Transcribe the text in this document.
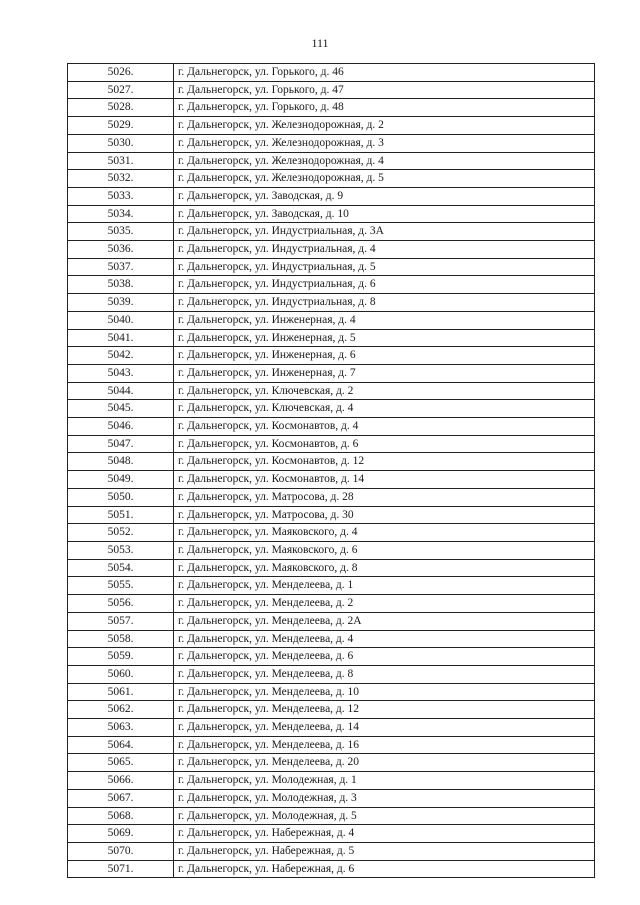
111
5026.	г. Дальнегорск, ул. Горького, д. 46
5027.	г. Дальнегорск, ул. Горького, д. 47
5028.	г. Дальнегорск, ул. Горького, д. 48
5029.	г. Дальнегорск, ул. Железнодорожная, д. 2
5030.	г. Дальнегорск, ул. Железнодорожная, д. 3
5031.	г. Дальнегорск, ул. Железнодорожная, д. 4
5032.	г. Дальнегорск, ул. Железнодорожная, д. 5
5033.	г. Дальнегорск, ул. Заводская, д. 9
5034.	г. Дальнегорск, ул. Заводская, д. 10
5035.	г. Дальнегорск, ул. Индустриальная, д. 3А
5036.	г. Дальнегорск, ул. Индустриальная, д. 4
5037.	г. Дальнегорск, ул. Индустриальная, д. 5
5038.	г. Дальнегорск, ул. Индустриальная, д. 6
5039.	г. Дальнегорск, ул. Индустриальная, д. 8
5040.	г. Дальнегорск, ул. Инженерная, д. 4
5041.	г. Дальнегорск, ул. Инженерная, д. 5
5042.	г. Дальнегорск, ул. Инженерная, д. 6
5043.	г. Дальнегорск, ул. Инженерная, д. 7
5044.	г. Дальнегорск, ул. Ключевская, д. 2
5045.	г. Дальнегорск, ул. Ключевская, д. 4
5046.	г. Дальнегорск, ул. Космонавтов, д. 4
5047.	г. Дальнегорск, ул. Космонавтов, д. 6
5048.	г. Дальнегорск, ул. Космонавтов, д. 12
5049.	г. Дальнегорск, ул. Космонавтов, д. 14
5050.	г. Дальнегорск, ул. Матросова, д. 28
5051.	г. Дальнегорск, ул. Матросова, д. 30
5052.	г. Дальнегорск, ул. Маяковского, д. 4
5053.	г. Дальнегорск, ул. Маяковского, д. 6
5054.	г. Дальнегорск, ул. Маяковского, д. 8
5055.	г. Дальнегорск, ул. Менделеева, д. 1
5056.	г. Дальнегорск, ул. Менделеева, д. 2
5057.	г. Дальнегорск, ул. Менделеева, д. 2А
5058.	г. Дальнегорск, ул. Менделеева, д. 4
5059.	г. Дальнегорск, ул. Менделеева, д. 6
5060.	г. Дальнегорск, ул. Менделеева, д. 8
5061.	г. Дальнегорск, ул. Менделеева, д. 10
5062.	г. Дальнегорск, ул. Менделеева, д. 12
5063.	г. Дальнегорск, ул. Менделеева, д. 14
5064.	г. Дальнегорск, ул. Менделеева, д. 16
5065.	г. Дальнегорск, ул. Менделеева, д. 20
5066.	г. Дальнегорск, ул. Молодежная, д. 1
5067.	г. Дальнегорск, ул. Молодежная, д. 3
5068.	г. Дальнегорск, ул. Молодежная, д. 5
5069.	г. Дальнегорск, ул. Набережная, д. 4
5070.	г. Дальнегорск, ул. Набережная, д. 5
5071.	г. Дальнегорск, ул. Набережная, д. 6
